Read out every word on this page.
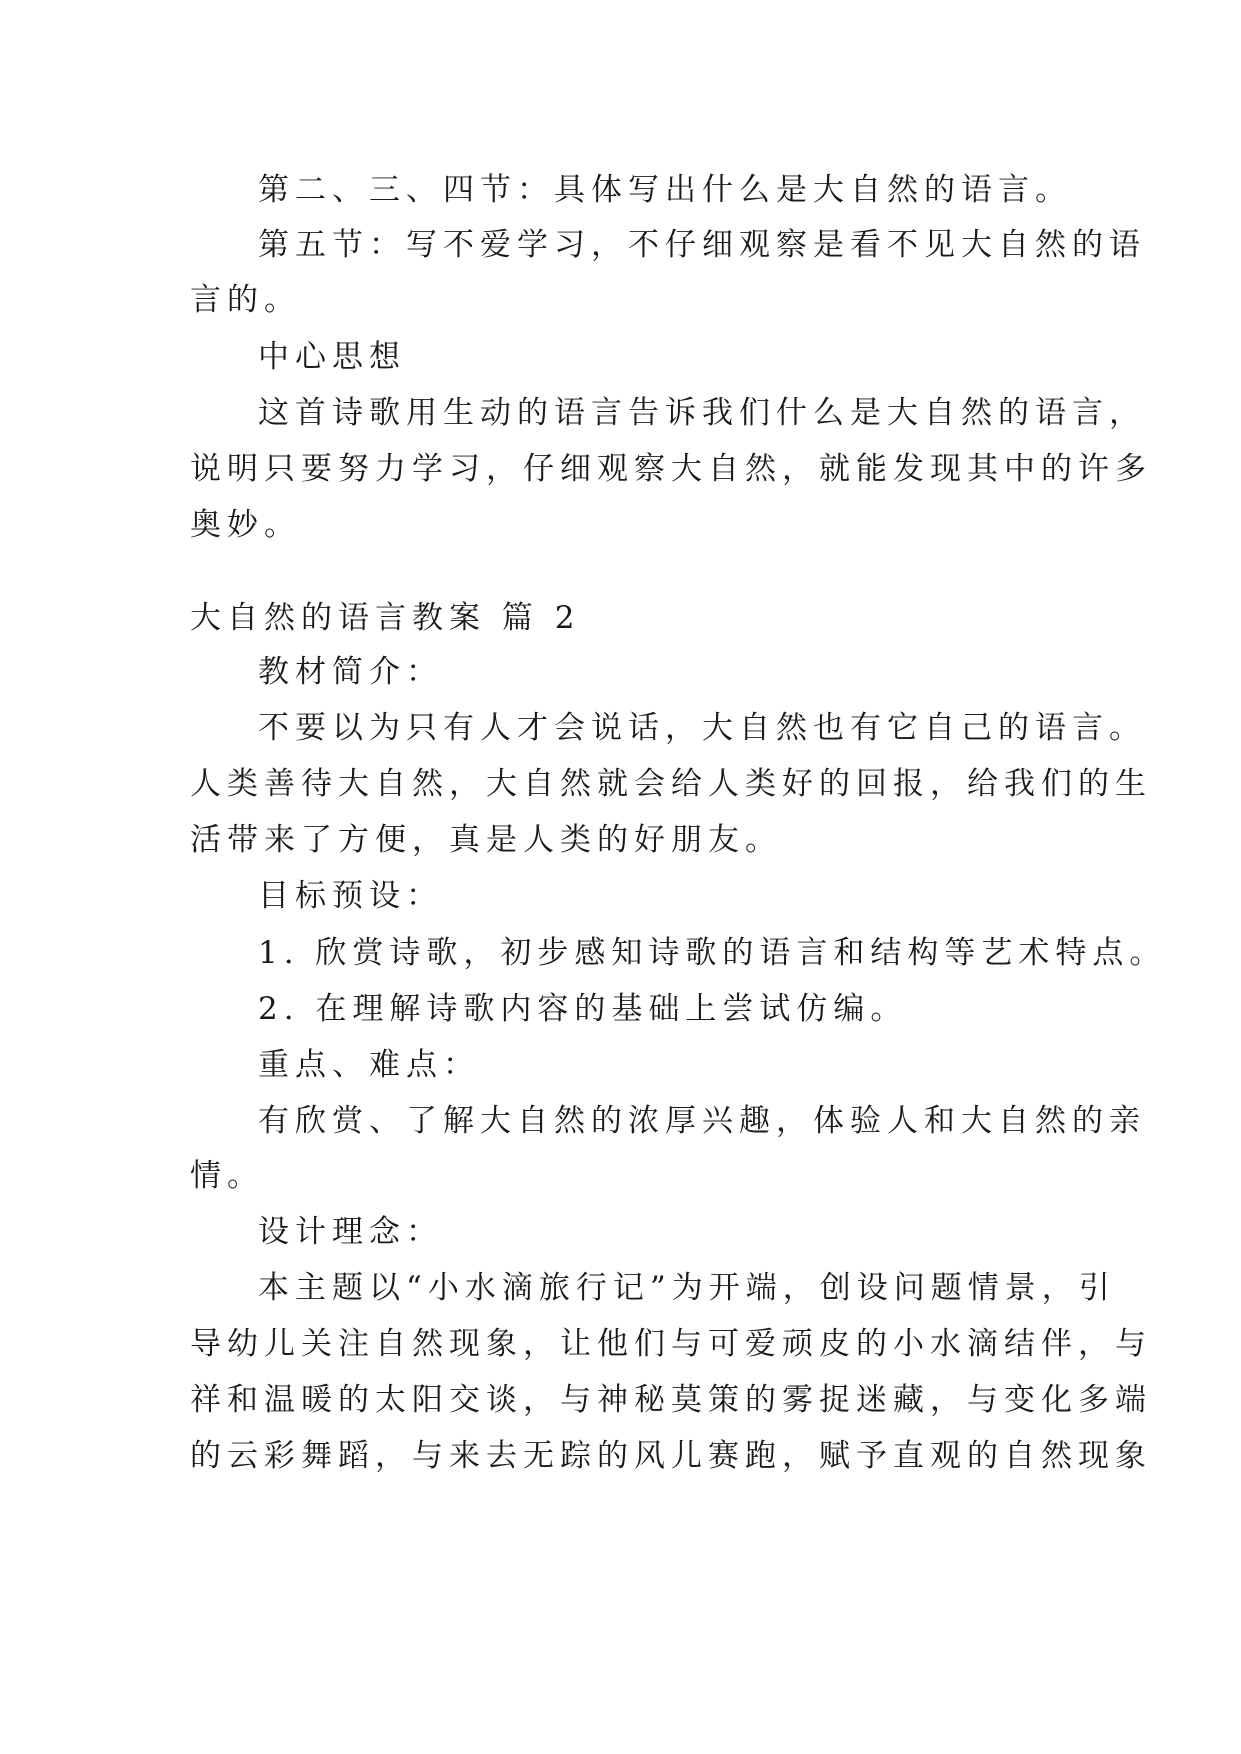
第二、三、四节：具体写出什么是大自然的语言。
第五节：写不爱学习，不仔细观察是看不见大自然的语
言的。
中心思想
这首诗歌用生动的语言告诉我们什么是大自然的语言，
说明只要努力学习，仔细观察大自然，就能发现其中的许多
奥妙。
大自然的语言教案 篇 2
教材简介：
不要以为只有人才会说话，大自然也有它自己的语言。
人类善待大自然，大自然就会给人类好的回报，给我们的生
活带来了方便，真是人类的好朋友。
目标预设：
1. 欣赏诗歌，初步感知诗歌的语言和结构等艺术特点。
2. 在理解诗歌内容的基础上尝试仿编。
重点、难点：
有欣赏、了解大自然的浓厚兴趣，体验人和大自然的亲
情。
设计理念：
本主题以“小水滴旅行记”为开端，创设问题情景，引
导幼儿关注自然现象，让他们与可爱顽皮的小水滴结伴，与
祥和温暖的太阳交谈，与神秘莫策的雾捉迷藏，与变化多端
的云彩舞蹈，与来去无踪的风儿赛跑，赋予直观的自然现象
